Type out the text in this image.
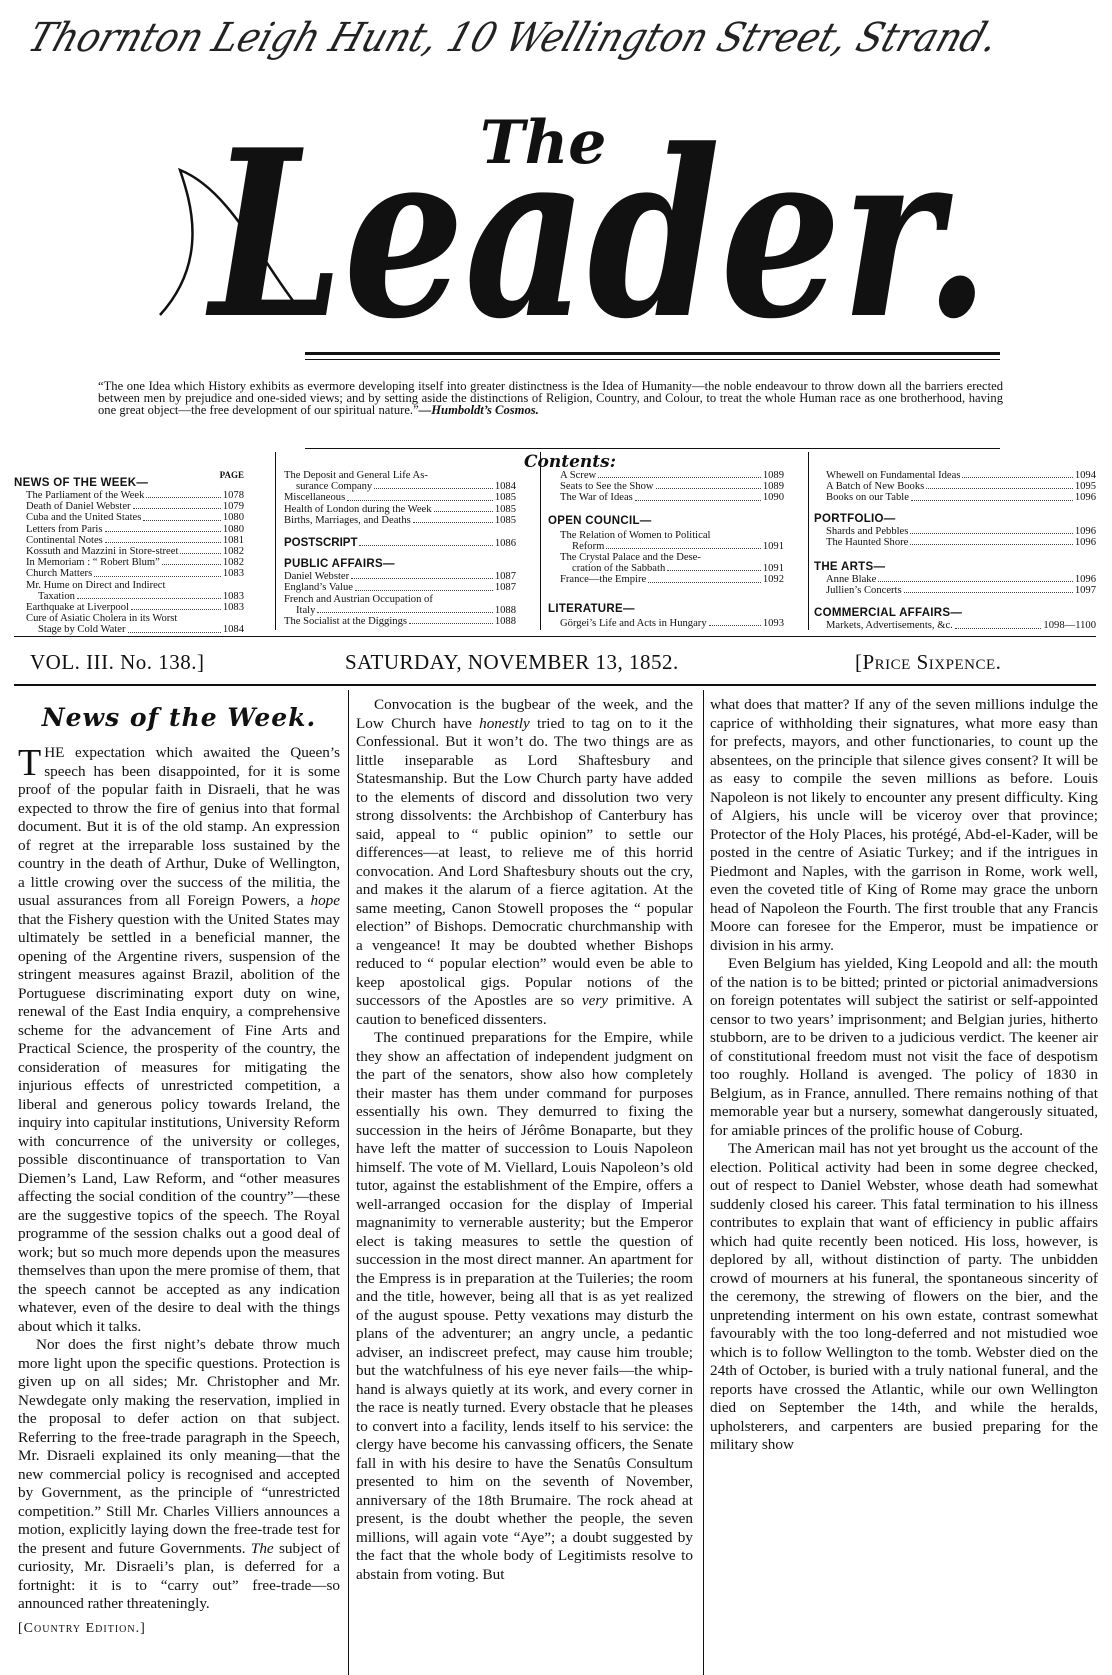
Thornton Leigh Hunt, 10 Wellington Street, Strand.
The
Leader.
“The one Idea which History exhibits as evermore developing itself into greater distinctness is the Idea of Humanity—the noble endeavour to throw down all the barriers erected between men by prejudice and one-sided views; and by setting aside the distinctions of Religion, Country, and Colour, to treat the whole Human race as one brotherhood, having one great object—the free development of our spiritual nature.”—Humboldt’s Cosmos.
Contents:
PAGE
NEWS OF THE WEEK—
The Parliament of the Week	1078
Death of Daniel Webster	1079
Cuba and the United States	1080
Letters from Paris	1080
Continental Notes	1081
Kossuth and Mazzini in Store-street	1082
In Memoriam : “ Robert Blum”	1082
Church Matters	1083
Mr. Hume on Direct and Indirect
Taxation	1083
Earthquake at Liverpool	1083
Cure of Asiatic Cholera in its Worst
Stage by Cold Water	1084
The Deposit and General Life As-
surance Company	1084
Miscellaneous	1085
Health of London during the Week	1085
Births, Marriages, and Deaths	1085
POSTSCRIPT	1086
PUBLIC AFFAIRS—
Daniel Webster	1087
England’s Value	1087
French and Austrian Occupation of
Italy	1088
The Socialist at the Diggings	1088
A Screw	1089
Seats to See the Show	1089
The War of Ideas	1090
OPEN COUNCIL—
The Relation of Women to Political
Reform	1091
The Crystal Palace and the Dese-
cration of the Sabbath	1091
France—the Empire	1092
LITERATURE—
Görgei’s Life and Acts in Hungary	1093
Whewell on Fundamental Ideas	1094
A Batch of New Books	1095
Books on our Table	1096
PORTFOLIO—
Shards and Pebbles	1096
The Haunted Shore	1096
THE ARTS—
Anne Blake	1096
Jullien’s Concerts	1097
COMMERCIAL AFFAIRS—
Markets, Advertisements, &c.	1098—1100
VOL. III. No. 138.]	SATURDAY, NOVEMBER 13, 1852.	[Price Sixpence.
News of the Week.

THE expectation which awaited the Queen’s speech has been disappointed, for it is some proof of the popular faith in Disraeli, that he was expected to throw the fire of genius into that formal document. But it is of the old stamp. An expression of regret at the irreparable loss sustained by the country in the death of Arthur, Duke of Wellington, a little crowing over the success of the militia, the usual assurances from all Foreign Powers, a hope that the Fishery question with the United States may ultimately be settled in a beneficial manner, the opening of the Argentine rivers, suspension of the stringent measures against Brazil, abolition of the Portuguese discriminating export duty on wine, renewal of the East India enquiry, a comprehensive scheme for the advancement of Fine Arts and Practical Science, the prosperity of the country, the consideration of measures for mitigating the injurious effects of unrestricted competition, a liberal and generous policy towards Ireland, the inquiry into capitular institutions, University Reform with concurrence of the university or colleges, possible discontinuance of transportation to Van Diemen’s Land, Law Reform, and “other measures affecting the social condition of the country”—these are the suggestive topics of the speech. The Royal programme of the session chalks out a good deal of work; but so much more depends upon the measures themselves than upon the mere promise of them, that the speech cannot be accepted as any indication whatever, even of the desire to deal with the things about which it talks.

Nor does the first night’s debate throw much more light upon the specific questions. Protection is given up on all sides; Mr. Christopher and Mr. Newdegate only making the reservation, implied in the proposal to defer action on that subject. Referring to the free-trade paragraph in the Speech, Mr. Disraeli explained its only meaning—that the new commercial policy is recognised and accepted by Government, as the principle of “unrestricted competition.” Still Mr. Charles Villiers announces a motion, explicitly laying down the free-trade test for the present and future Governments. The subject of curiosity, Mr. Disraeli’s plan, is deferred for a fortnight: it is to “carry out” free-trade—so announced rather threateningly.

[Country Edition.]

Convocation is the bugbear of the week, and the Low Church have honestly tried to tag on to it the Confessional. But it won’t do. The two things are as little inseparable as Lord Shaftesbury and Statesmanship. But the Low Church party have added to the elements of discord and dissolution two very strong dissolvents: the Archbishop of Canterbury has said, appeal to “ public opinion” to settle our differences—at least, to relieve me of this horrid convocation. And Lord Shaftesbury shouts out the cry, and makes it the alarum of a fierce agitation. At the same meeting, Canon Stowell proposes the “ popular election” of Bishops. Democratic churchmanship with a vengeance! It may be doubted whether Bishops reduced to “ popular election” would even be able to keep apostolical gigs. Popular notions of the successors of the Apostles are so very primitive. A caution to beneficed dissenters.

The continued preparations for the Empire, while they show an affectation of independent judgment on the part of the senators, show also how completely their master has them under command for purposes essentially his own. They demurred to fixing the succession in the heirs of Jérôme Bonaparte, but they have left the matter of succession to Louis Napoleon himself. The vote of M. Viellard, Louis Napoleon’s old tutor, against the establishment of the Empire, offers a well-arranged occasion for the display of Imperial magnanimity to vernerable austerity; but the Emperor elect is taking measures to settle the question of succession in the most direct manner. An apartment for the Empress is in preparation at the Tuileries; the room and the title, however, being all that is as yet realized of the august spouse. Petty vexations may disturb the plans of the adventurer; an angry uncle, a pedantic adviser, an indiscreet prefect, may cause him trouble; but the watchfulness of his eye never fails—the whip-hand is always quietly at its work, and every corner in the race is neatly turned. Every obstacle that he pleases to convert into a facility, lends itself to his service: the clergy have become his canvassing officers, the Senate fall in with his desire to have the Senatûs Consultum presented to him on the seventh of November, anniversary of the 18th Brumaire. The rock ahead at present, is the doubt whether the people, the seven millions, will again vote “Aye”; a doubt suggested by the fact that the whole body of Legitimists resolve to abstain from voting. But

what does that matter? If any of the seven millions indulge the caprice of withholding their signatures, what more easy than for prefects, mayors, and other functionaries, to count up the absentees, on the principle that silence gives consent? It will be as easy to compile the seven millions as before. Louis Napoleon is not likely to encounter any present difficulty. King of Algiers, his uncle will be viceroy over that province; Protector of the Holy Places, his protégé, Abd-el-Kader, will be posted in the centre of Asiatic Turkey; and if the intrigues in Piedmont and Naples, with the garrison in Rome, work well, even the coveted title of King of Rome may grace the unborn head of Napoleon the Fourth. The first trouble that any Francis Moore can foresee for the Emperor, must be impatience or division in his army.

Even Belgium has yielded, King Leopold and all: the mouth of the nation is to be bitted; printed or pictorial animadversions on foreign potentates will subject the satirist or self-appointed censor to two years’ imprisonment; and Belgian juries, hitherto stubborn, are to be driven to a judicious verdict. The keener air of constitutional freedom must not visit the face of despotism too roughly. Holland is avenged. The policy of 1830 in Belgium, as in France, annulled. There remains nothing of that memorable year but a nursery, somewhat dangerously situated, for amiable princes of the prolific house of Coburg.

The American mail has not yet brought us the account of the election. Political activity had been in some degree checked, out of respect to Daniel Webster, whose death had somewhat suddenly closed his career. This fatal termination to his illness contributes to explain that want of efficiency in public affairs which had quite recently been noticed. His loss, however, is deplored by all, without distinction of party. The unbidden crowd of mourners at his funeral, the spontaneous sincerity of the ceremony, the strewing of flowers on the bier, and the unpretending interment on his own estate, contrast somewhat favourably with the too long-deferred and not mistudied woe which is to follow Wellington to the tomb. Webster died on the 24th of October, is buried with a truly national funeral, and the reports have crossed the Atlantic, while our own Wellington died on September the 14th, and while the heralds, upholsterers, and carpenters are busied preparing for the military show
